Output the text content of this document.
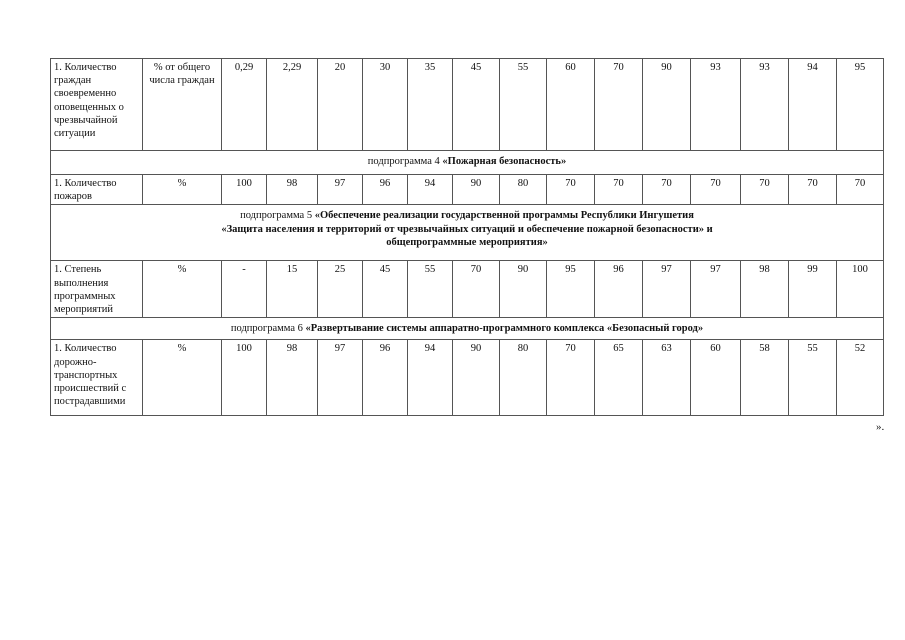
1. Количество граждан своевременно оповещенных о чрезвычайной ситуации	% от общего числа граждан	0,29	2,29	20	30	35	45	55	60	70	90	93	93	94	95
подпрограмма 4 «Пожарная безопасность»															
1. Количество пожаров	%	100	98	97	96	94	90	80	70	70	70	70	70	70	70
подпрограмма 5 «Обеспечение реализации государственной программы Республики Ингушетия «Защита населения и территорий от чрезвычайных ситуаций и обеспечение пожарной безопасности» и общепрограммные мероприятия»															
1. Степень выполнения программных мероприятий	%	-	15	25	45	55	70	90	95	96	97	97	98	99	100
подпрограмма 6 «Развертывание системы аппаратно-программного комплекса «Безопасный город»															
1. Количество дорожно-транспортных происшествий с пострадавшими	%	100	98	97	96	94	90	80	70	65	63	60	58	55	52
».
